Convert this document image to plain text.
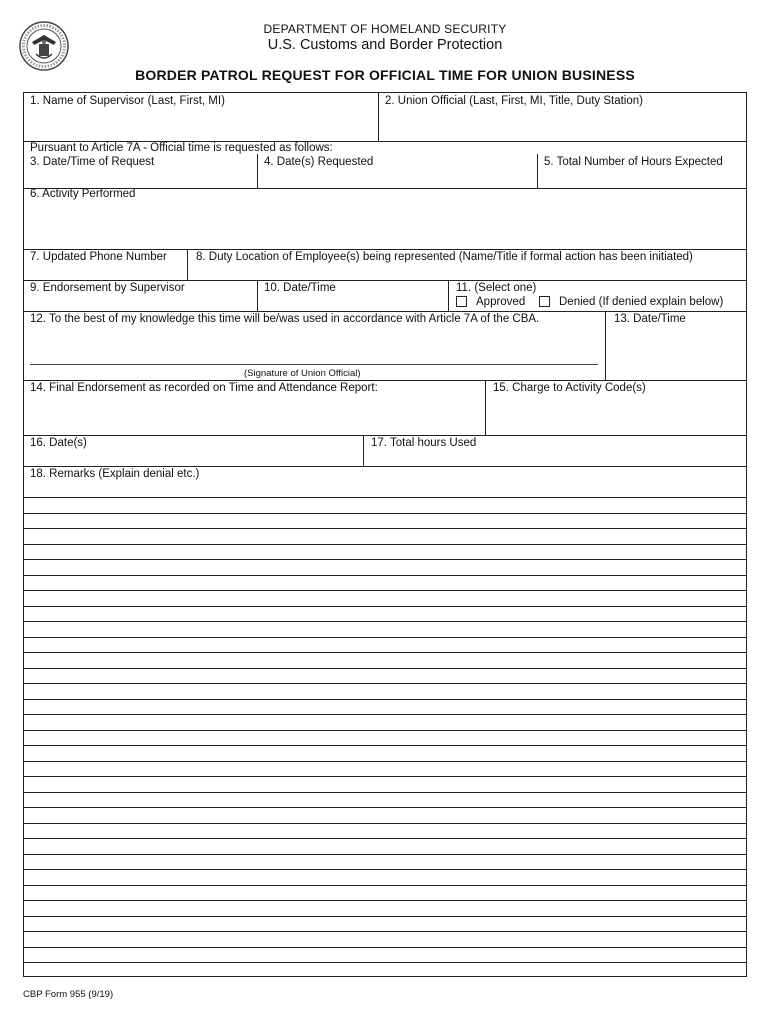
DEPARTMENT OF HOMELAND SECURITY
U.S. Customs and Border Protection
BORDER PATROL REQUEST FOR OFFICIAL TIME FOR UNION BUSINESS
1. Name of Supervisor (Last, First, MI)	2. Union Official (Last, First, MI, Title, Duty Station)
Pursuant to Article 7A - Official time is requested as follows:
3. Date/Time of Request	4. Date(s) Requested	5. Total Number of Hours Expected
6. Activity Performed
7. Updated Phone Number	8. Duty Location of Employee(s) being represented (Name/Title if formal action has been initiated)
9. Endorsement by Supervisor	10. Date/Time	11. (Select one)
Approved	Denied (If denied explain below)
12. To the best of my knowledge this time will be/was used in accordance with Article 7A of the CBA.	13. Date/Time
(Signature of Union Official)
14. Final Endorsement as recorded on Time and Attendance Report:	15. Charge to Activity Code(s)
16. Date(s)	17. Total hours Used
18. Remarks (Explain denial etc.)
CBP Form 955 (9/19)
